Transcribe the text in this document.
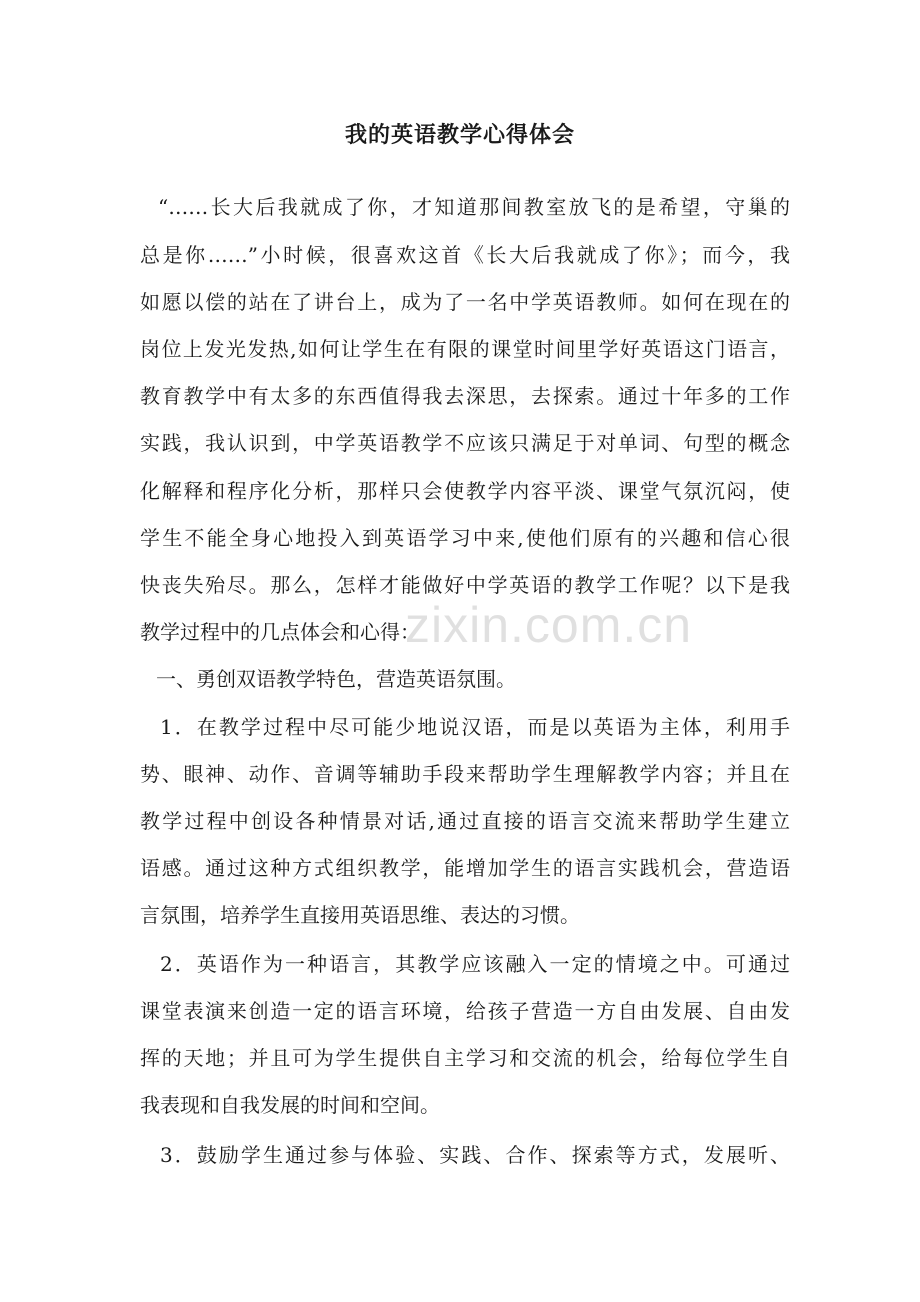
我的英语教学心得体会
“……长大后我就成了你，才知道那间教室放飞的是希望，守巢的
总是你……”小时候，很喜欢这首《长大后我就成了你》；而今，我
如愿以偿的站在了讲台上，成为了一名中学英语教师。如何在现在的
岗位上发光发热,如何让学生在有限的课堂时间里学好英语这门语言，
教育教学中有太多的东西值得我去深思，去探索。通过十年多的工作
实践，我认识到，中学英语教学不应该只满足于对单词、句型的概念
化解释和程序化分析，那样只会使教学内容平淡、课堂气氛沉闷，使
学生不能全身心地投入到英语学习中来,使他们原有的兴趣和信心很
快丧失殆尽。那么，怎样才能做好中学英语的教学工作呢？以下是我
教学过程中的几点体会和心得：
一、勇创双语教学特色，营造英语氛围。
1．在教学过程中尽可能少地说汉语，而是以英语为主体，利用手
势、眼神、动作、音调等辅助手段来帮助学生理解教学内容；并且在
教学过程中创设各种情景对话,通过直接的语言交流来帮助学生建立
语感。通过这种方式组织教学，能增加学生的语言实践机会，营造语
言氛围，培养学生直接用英语思维、表达的习惯。
2．英语作为一种语言，其教学应该融入一定的情境之中。可通过
课堂表演来创造一定的语言环境，给孩子营造一方自由发展、自由发
挥的天地；并且可为学生提供自主学习和交流的机会，给每位学生自
我表现和自我发展的时间和空间。
3．鼓励学生通过参与体验、实践、合作、探索等方式，发展听、
zixin.com.cn
